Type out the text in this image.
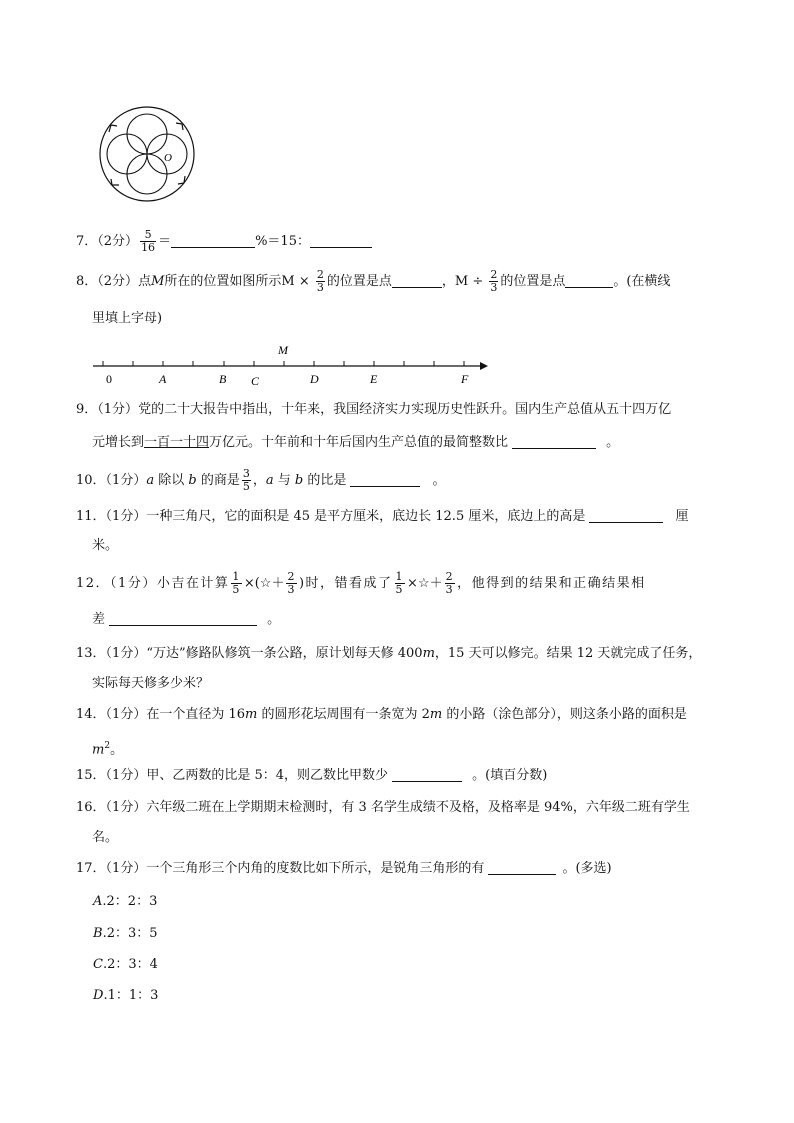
O
7．（2分） $\frac{5}{16}$ ＝	%＝15：
8．（2分）点M所在的位置如图所示$M \times \frac{2}{3}$ 的位置是点	，$M \div \frac{2}{3}$ 的位置是点	。(在横线
里填上字母)
0	A	B C	D	E	F
M
9．（1分）党的二十大报告中指出，十年来，我国经济实力实现历史性跃升。国内生产总值从五十四万亿
元增长到一百一十四万亿元。十年前和十年后国内生产总值的最简整数比	。
10．（1分）a 除以 b 的商是 $\frac{3}{5}$ ，a 与 b 的比是	。
11．（1分）一种三角尺，它的面积是 45 是平方厘米，底边长 12.5 厘米，底边上的高是	厘
米。
12．（1分）小吉在计算 $\frac{1}{5}$ ×(☆＋ $\frac{2}{3}$ )时，错看成了 $\frac{1}{5}$ ×☆＋ $\frac{2}{3}$ ，他得到的结果和正确结果相
差	。
13．（1分）“万达”修路队修筑一条公路，原计划每天修 400m，15 天可以修完。结果 12 天就完成了任务，
实际每天修多少米？
14．（1分）在一个直径为 16m 的圆形花坛周围有一条宽为 2m 的小路（涂色部分），则这条小路的面积是
$m^2$。
15．（1分）甲、乙两数的比是 5：4，则乙数比甲数少	。(填百分数)
16．（1分）六年级二班在上学期期末检测时，有 3 名学生成绩不及格，及格率是 94%，六年级二班有学生
名。
17．（1分）一个三角形三个内角的度数比如下所示，是锐角三角形的有	。(多选)
A.2：2：3
B.2：3：5
C.2：3：4
D.1：1：3
